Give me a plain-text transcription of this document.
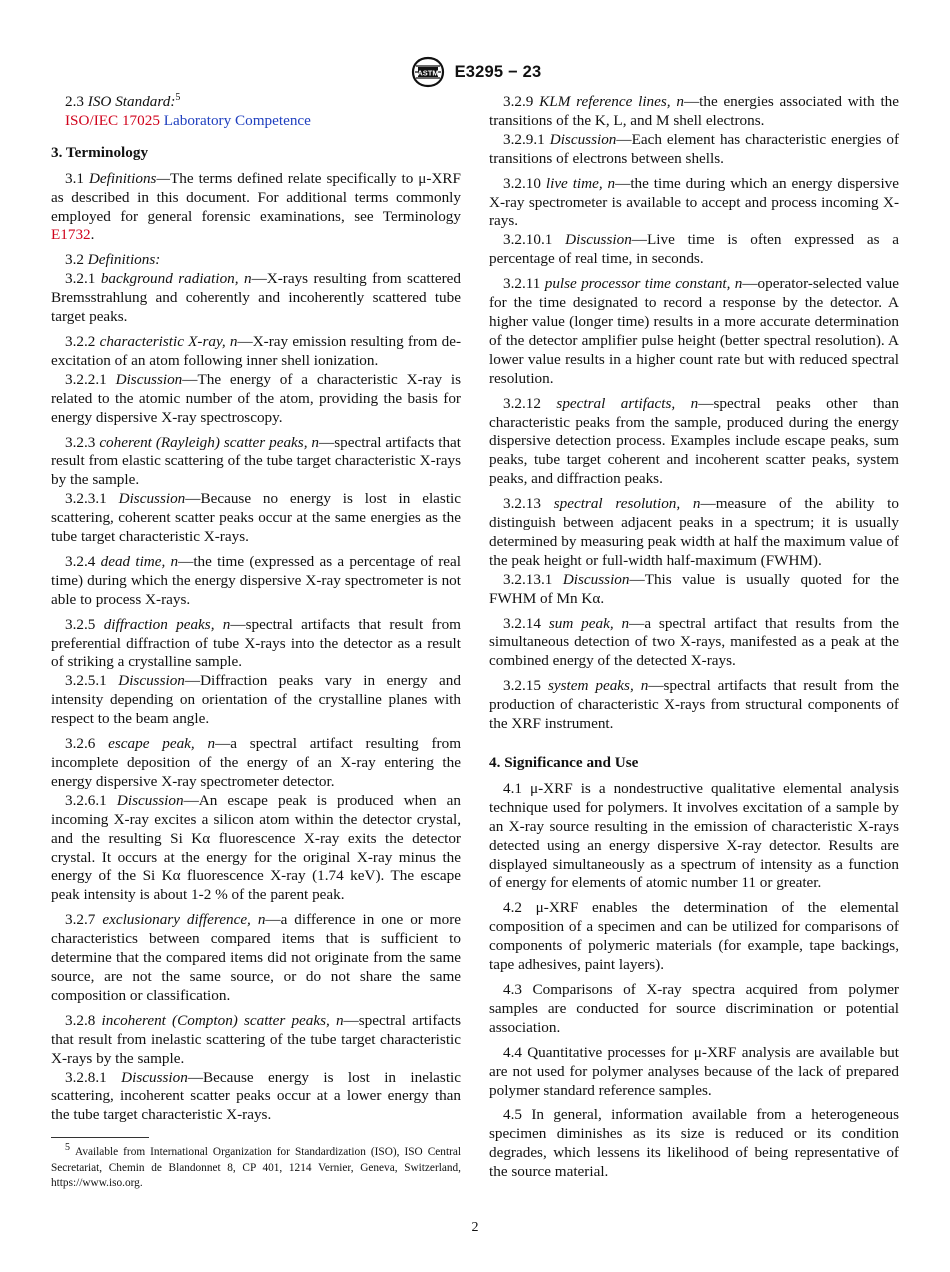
ASTM E3295 − 23

2.3 ISO Standard:$^5$

ISO/IEC 17025 Laboratory Competence

3. Terminology

3.1 Definitions—The terms defined relate specifically to μ-XRF as described in this document. For additional terms commonly employed for general forensic examinations, see Terminology E1732.

3.2 Definitions:

3.2.1 background radiation, n—X-rays resulting from scattered Bremsstrahlung and coherently and incoherently scattered tube target peaks.

3.2.2 characteristic X-ray, n—X-ray emission resulting from de-excitation of an atom following inner shell ionization.

3.2.2.1 Discussion—The energy of a characteristic X-ray is related to the atomic number of the atom, providing the basis for energy dispersive X-ray spectroscopy.

3.2.3 coherent (Rayleigh) scatter peaks, n—spectral artifacts that result from elastic scattering of the tube target characteristic X-rays by the sample.

3.2.3.1 Discussion—Because no energy is lost in elastic scattering, coherent scatter peaks occur at the same energies as the tube target characteristic X-rays.

3.2.4 dead time, n—the time (expressed as a percentage of real time) during which the energy dispersive X-ray spectrometer is not able to process X-rays.

3.2.5 diffraction peaks, n—spectral artifacts that result from preferential diffraction of tube X-rays into the detector as a result of striking a crystalline sample.

3.2.5.1 Discussion—Diffraction peaks vary in energy and intensity depending on orientation of the crystalline planes with respect to the beam angle.

3.2.6 escape peak, n—a spectral artifact resulting from incomplete deposition of the energy of an X-ray entering the energy dispersive X-ray spectrometer detector.

3.2.6.1 Discussion—An escape peak is produced when an incoming X-ray excites a silicon atom within the detector crystal, and the resulting Si Kα fluorescence X-ray exits the detector crystal. It occurs at the energy for the original X-ray minus the energy of the Si Kα fluorescence X-ray (1.74 keV). The escape peak intensity is about 1-2 % of the parent peak.

3.2.7 exclusionary difference, n—a difference in one or more characteristics between compared items that is sufficient to determine that the compared items did not originate from the same source, are not the same source, or do not share the same composition or classification.

3.2.8 incoherent (Compton) scatter peaks, n—spectral artifacts that result from inelastic scattering of the tube target characteristic X-rays by the sample.

3.2.8.1 Discussion—Because energy is lost in inelastic scattering, incoherent scatter peaks occur at a lower energy than the tube target characteristic X-rays.

3.2.9 KLM reference lines, n—the energies associated with the transitions of the K, L, and M shell electrons.

3.2.9.1 Discussion—Each element has characteristic energies of transitions of electrons between shells.

3.2.10 live time, n—the time during which an energy dispersive X-ray spectrometer is available to accept and process incoming X-rays.

3.2.10.1 Discussion—Live time is often expressed as a percentage of real time, in seconds.

3.2.11 pulse processor time constant, n—operator-selected value for the time designated to record a response by the detector. A higher value (longer time) results in a more accurate determination of the detector amplifier pulse height (better spectral resolution). A lower value results in a higher count rate but with reduced spectral resolution.

3.2.12 spectral artifacts, n—spectral peaks other than characteristic peaks from the sample, produced during the energy dispersive detection process. Examples include escape peaks, sum peaks, tube target coherent and incoherent scatter peaks, system peaks, and diffraction peaks.

3.2.13 spectral resolution, n—measure of the ability to distinguish between adjacent peaks in a spectrum; it is usually determined by measuring peak width at half the maximum value of the peak height or full-width half-maximum (FWHM).

3.2.13.1 Discussion—This value is usually quoted for the FWHM of Mn Kα.

3.2.14 sum peak, n—a spectral artifact that results from the simultaneous detection of two X-rays, manifested as a peak at the combined energy of the detected X-rays.

3.2.15 system peaks, n—spectral artifacts that result from the production of characteristic X-rays from structural components of the XRF instrument.

4. Significance and Use

4.1 μ-XRF is a nondestructive qualitative elemental analysis technique used for polymers. It involves excitation of a sample by an X-ray source resulting in the emission of characteristic X-rays detected using an energy dispersive X-ray detector. Results are displayed simultaneously as a spectrum of intensity as a function of energy for elements of atomic number 11 or greater.

4.2 μ-XRF enables the determination of the elemental composition of a specimen and can be utilized for comparisons of components of polymeric materials (for example, tape backings, tape adhesives, paint layers).

4.3 Comparisons of X-ray spectra acquired from polymer samples are conducted for source discrimination or potential association.

4.4 Quantitative processes for μ-XRF analysis are available but are not used for polymer analyses because of the lack of prepared polymer standard reference samples.

4.5 In general, information available from a heterogeneous specimen diminishes as its size is reduced or its condition degrades, which lessens its likelihood of being representative of the source material.

$^5$ Available from International Organization for Standardization (ISO), ISO Central Secretariat, Chemin de Blandonnet 8, CP 401, 1214 Vernier, Geneva, Switzerland, https://www.iso.org.
2
